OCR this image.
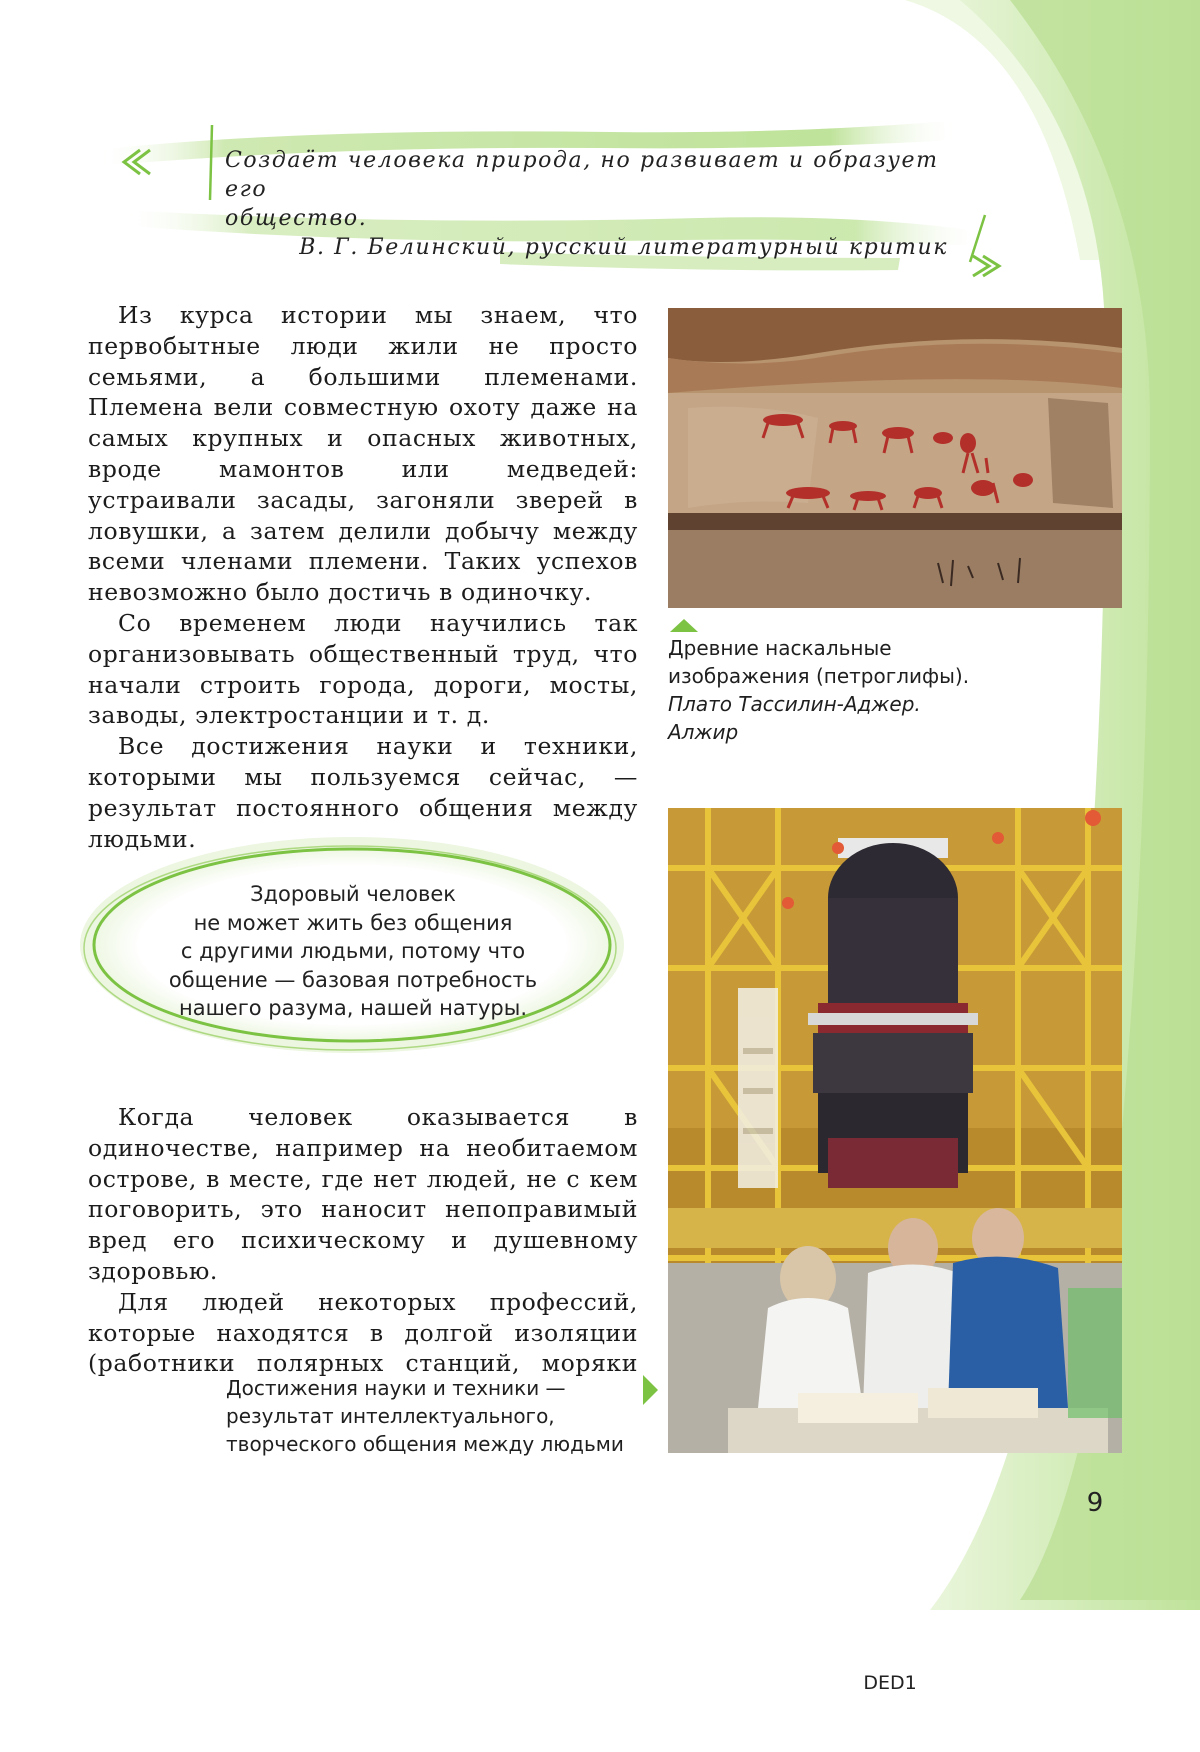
Создаёт человека природа, но развивает и образует его
общество.
В. Г. Белинский, русский литературный критик

Из курса истории мы знаем, что первобытные люди жили не просто семьями, а большими племенами. Племена вели совместную охоту даже на самых крупных и опасных животных, вроде мамонтов или медведей: устраивали засады, загоняли зверей в ловушки, а затем делили добычу между всеми членами племени. Таких успехов невозможно было достичь в одиночку.

Со временем люди научились так организовывать общественный труд, что начали строить города, дороги, мосты, заводы, электростанции и т. д.

Все достижения науки и техники, которыми мы пользуемся сейчас, — результат постоянного общения между людьми.

Здоровый человек
не может жить без общения
с другими людьми, потому что
общение — базовая потребность
нашего разума, нашей натуры.

Когда человек оказывается в одиночестве, например на необитаемом острове, в месте, где нет людей, не с кем поговорить, это наносит непоправимый вред его психическому и душевному здоровью.

Для людей некоторых профессий, которые находятся в долгой изоляции (работники полярных станций, моряки

Древние наскальные
изображения (петроглифы).
Плато Тассилин-Аджер.
Алжир
Достижения науки и техники —
результат интеллектуального,
творческого общения между людьми
9
DED1
